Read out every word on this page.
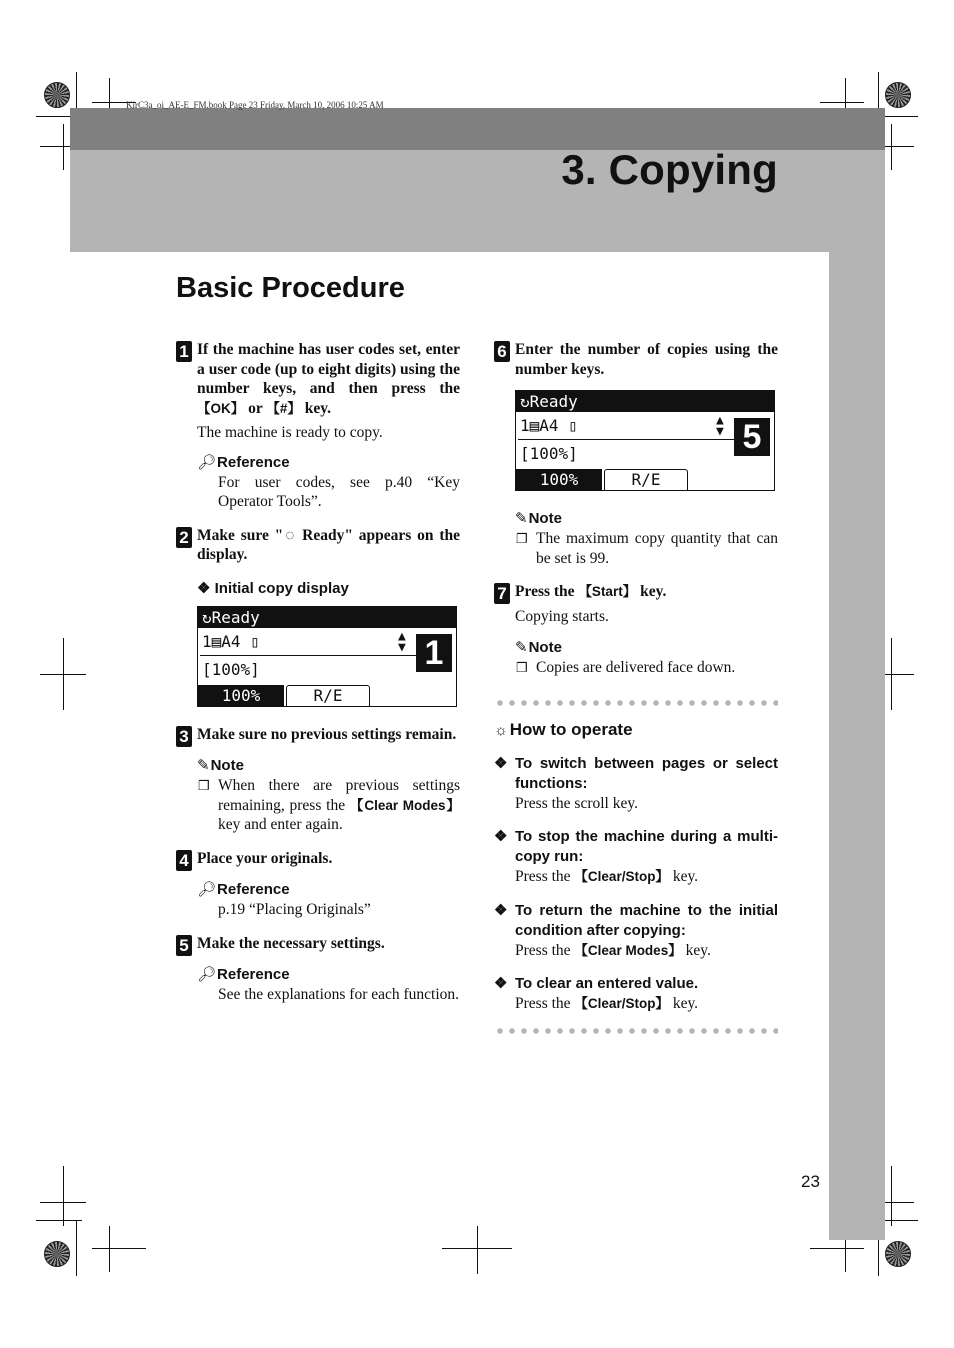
KirC3a_oi_AE-E_FM.book Page 23 Friday, March 10, 2006 10:25 AM
3. Copying
Basic Procedure
1 If the machine has user codes set, enter a user code (up to eight digits) using the number keys, and then press the 【OK】 or 【#】 key.
The machine is ready to copy.
🔎︎Reference
For user codes, see p.40 “Key Operator Tools”.
2 Make sure "◌ Ready" appears on the display.
❖ Initial copy display
↻Ready
1▤A4 ▯	▲
▼
[100%]	1
100%	R/E
3 Make sure no previous settings remain.
✎Note
❒ When there are previous settings remaining, press the 【Clear Modes】 key and enter again.
4 Place your originals.
🔎︎Reference
p.19 “Placing Originals”
5 Make the necessary settings.
🔎︎Reference
See the explanations for each function.
6 Enter the number of copies using the number keys.
↻Ready
1▤A4 ▯	▲
▼
[100%]	5
100%	R/E
✎Note
❒ The maximum copy quantity that can be set is 99.
7 Press the 【Start】 key.
Copying starts.
✎Note
❒ Copies are delivered face down.
☼ How to operate
❖ To switch between pages or select functions:
Press the scroll key.
❖ To stop the machine during a multi-copy run:
Press the 【Clear/Stop】 key.
❖ To return the machine to the initial condition after copying:
Press the 【Clear Modes】 key.
❖ To clear an entered value.
Press the 【Clear/Stop】 key.
23
